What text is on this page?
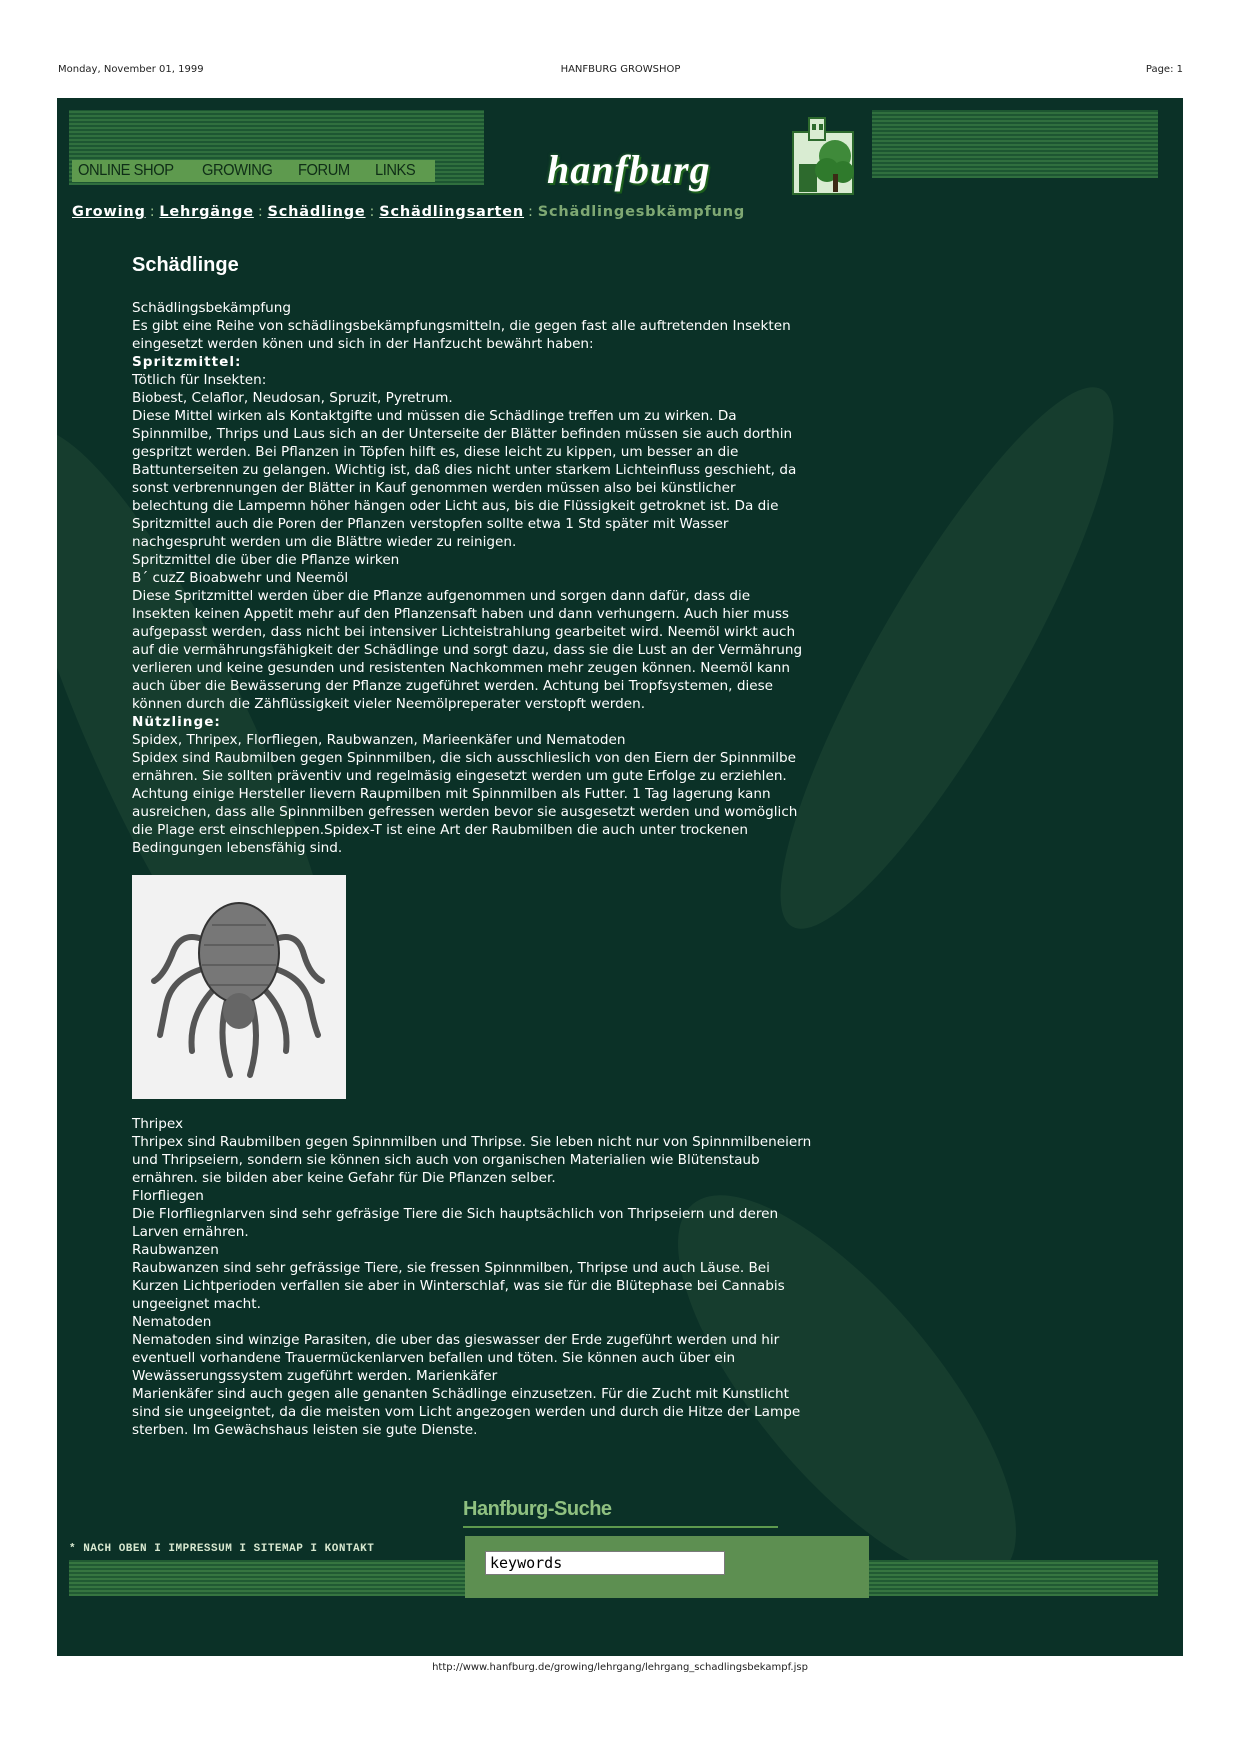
Monday, November 01, 1999	HANFBURG GROWSHOP	Page: 1
ONLINE SHOP GROWING FORUM LINKS	hanfburg
Growing : Lehrgänge : Schädlinge : Schädlingsarten : Schädlingesbkämpfung
Schädlinge
Schädlingsbekämpfung
Es gibt eine Reihe von schädlingsbekämpfungsmitteln, die gegen fast alle auftretenden Insekten eingesetzt werden könen und sich in der Hanfzucht bewährt haben:
Spritzmittel:
Tötlich für Insekten:
Biobest, Celaflor, Neudosan, Spruzit, Pyretrum.
Diese Mittel wirken als Kontaktgifte und müssen die Schädlinge treffen um zu wirken. Da Spinnmilbe, Thrips und Laus sich an der Unterseite der Blätter befinden müssen sie auch dorthin gespritzt werden. Bei Pflanzen in Töpfen hilft es, diese leicht zu kippen, um besser an die Battunterseiten zu gelangen. Wichtig ist, daß dies nicht unter starkem Lichteinfluss geschieht, da sonst verbrennungen der Blätter in Kauf genommen werden müssen also bei künstlicher belechtung die Lampemn höher hängen oder Licht aus, bis die Flüssigkeit getroknet ist. Da die Spritzmittel auch die Poren der Pflanzen verstopfen sollte etwa 1 Std später mit Wasser nachgespruht werden um die Blättre wieder zu reinigen.
Spritzmittel die über die Pflanze wirken
B´ cuzZ Bioabwehr und Neemöl
Diese Spritzmittel werden über die Pflanze aufgenommen und sorgen dann dafür, dass die Insekten keinen Appetit mehr auf den Pflanzensaft haben und dann verhungern. Auch hier muss aufgepasst werden, dass nicht bei intensiver Lichteistrahlung gearbeitet wird. Neemöl wirkt auch auf die vermährungsfähigkeit der Schädlinge und sorgt dazu, dass sie die Lust an der Vermährung verlieren und keine gesunden und resistenten Nachkommen mehr zeugen können. Neemöl kann auch über die Bewässerung der Pflanze zugeführet werden. Achtung bei Tropfsystemen, diese können durch die Zähflüssigkeit vieler Neemölpreperater verstopft werden.
Nützlinge:
Spidex, Thripex, Florfliegen, Raubwanzen, Marieenkäfer und Nematoden
Spidex sind Raubmilben gegen Spinnmilben, die sich ausschlieslich von den Eiern der Spinnmilbe ernähren. Sie sollten präventiv und regelmäsig eingesetzt werden um gute Erfolge zu erziehlen. Achtung einige Hersteller lievern Raupmilben mit Spinnmilben als Futter. 1 Tag lagerung kann ausreichen, dass alle Spinnmilben gefressen werden bevor sie ausgesetzt werden und womöglich die Plage erst einschleppen.Spidex-T ist eine Art der Raubmilben die auch unter trockenen Bedingungen lebensfähig sind.
Thripex
Thripex sind Raubmilben gegen Spinnmilben und Thripse. Sie leben nicht nur von Spinnmilbeneiern und Thripseiern, sondern sie können sich auch von organischen Materialien wie Blütenstaub ernähren. sie bilden aber keine Gefahr für Die Pflanzen selber.
Florfliegen
Die Florfliegnlarven sind sehr gefräsige Tiere die Sich hauptsächlich von Thripseiern und deren Larven ernähren.
Raubwanzen
Raubwanzen sind sehr gefrässige Tiere, sie fressen Spinnmilben, Thripse und auch Läuse. Bei Kurzen Lichtperioden verfallen sie aber in Winterschlaf, was sie für die Blütephase bei Cannabis ungeeignet macht.
Nematoden
Nematoden sind winzige Parasiten, die uber das gieswasser der Erde zugeführt werden und hir eventuell vorhandene Trauermückenlarven befallen und töten. Sie können auch über ein Wewässerungssystem zugeführt werden. Marienkäfer
Marienkäfer sind auch gegen alle genanten Schädlinge einzusetzen. Für die Zucht mit Kunstlicht sind sie ungeeigntet, da die meisten vom Licht angezogen werden und durch die Hitze der Lampe sterben. Im Gewächshaus leisten sie gute Dienste.
* NACH OBEN I IMPRESSUM I SITEMAP I KONTAKT
Hanfburg-Suche
keywords
http://www.hanfburg.de/growing/lehrgang/lehrgang_schadlingsbekampf.jsp
